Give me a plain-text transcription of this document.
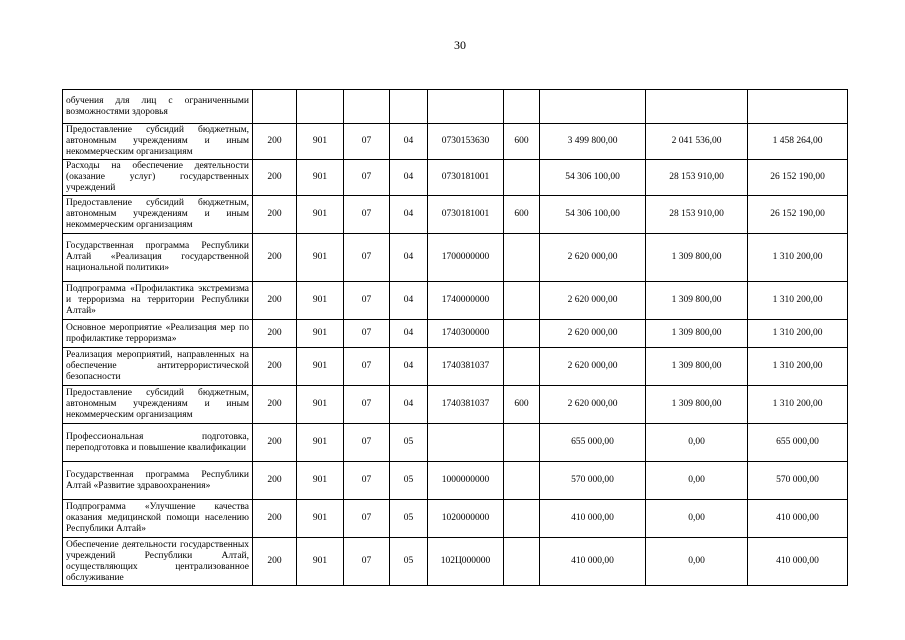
30
обучения для лиц с ограниченными возможностями здоровья									
Предоставление субсидий бюджетным, автономным учреждениям и иным некоммерческим организациям	200	901	07	04	0730153630	600	3 499 800,00	2 041 536,00	1 458 264,00
Расходы на обеспечение деятельности (оказание услуг) государственных учреждений	200	901	07	04	0730181001		54 306 100,00	28 153 910,00	26 152 190,00
Предоставление субсидий бюджетным, автономным учреждениям и иным некоммерческим организациям	200	901	07	04	0730181001	600	54 306 100,00	28 153 910,00	26 152 190,00
Государственная программа Республики Алтай «Реализация государственной национальной политики»	200	901	07	04	1700000000		2 620 000,00	1 309 800,00	1 310 200,00
Подпрограмма «Профилактика экстремизма и терроризма на территории Республики Алтай»	200	901	07	04	1740000000		2 620 000,00	1 309 800,00	1 310 200,00
Основное мероприятие «Реализация мер по профилактике терроризма»	200	901	07	04	1740300000		2 620 000,00	1 309 800,00	1 310 200,00
Реализация мероприятий, направленных на обеспечение антитеррористической безопасности	200	901	07	04	1740381037		2 620 000,00	1 309 800,00	1 310 200,00
Предоставление субсидий бюджетным, автономным учреждениям и иным некоммерческим организациям	200	901	07	04	1740381037	600	2 620 000,00	1 309 800,00	1 310 200,00
Профессиональная подготовка, переподготовка и повышение квалификации	200	901	07	05			655 000,00	0,00	655 000,00
Государственная программа Республики Алтай «Развитие здравоохранения»	200	901	07	05	1000000000		570 000,00	0,00	570 000,00
Подпрограмма «Улучшение качества оказания медицинской помощи населению Республики Алтай»	200	901	07	05	1020000000		410 000,00	0,00	410 000,00
Обеспечение деятельности государственных учреждений Республики Алтай, осуществляющих централизованное обслуживание	200	901	07	05	102Ц000000		410 000,00	0,00	410 000,00
